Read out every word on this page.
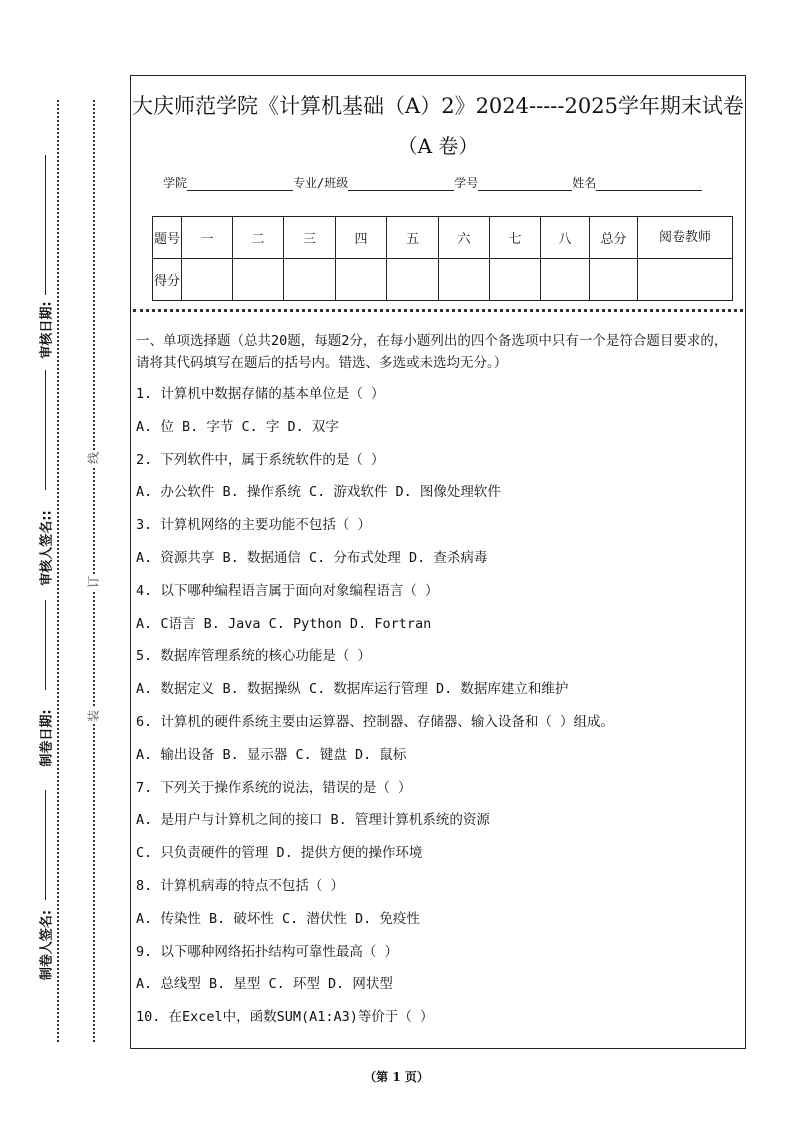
审核日期:
审核人签名::
制卷日期:
制卷人签名:
线
订
装
大庆师范学院《计算机基础（A）2》2024-----2025学年期末试卷
（A 卷）
学院	专业/班级	学号	姓名
题号	一	二	三	四	五	六	七	八	总分	阅卷教师
得分										
一、单项选择题（总共20题，每题2分，在每小题列出的四个备选项中只有一个是符合题目要求的，请将其代码填写在题后的括号内。错选、多选或未选均无分。）
1. 计算机中数据存储的基本单位是（ ）
A. 位 B. 字节 C. 字 D. 双字
2. 下列软件中，属于系统软件的是（ ）
A. 办公软件 B. 操作系统 C. 游戏软件 D. 图像处理软件
3. 计算机网络的主要功能不包括（ ）
A. 资源共享 B. 数据通信 C. 分布式处理 D. 查杀病毒
4. 以下哪种编程语言属于面向对象编程语言（ ）
A. C语言 B. Java C. Python D. Fortran
5. 数据库管理系统的核心功能是（ ）
A. 数据定义 B. 数据操纵 C. 数据库运行管理 D. 数据库建立和维护
6. 计算机的硬件系统主要由运算器、控制器、存储器、输入设备和（ ）组成。
A. 输出设备 B. 显示器 C. 键盘 D. 鼠标
7. 下列关于操作系统的说法，错误的是（ ）
A. 是用户与计算机之间的接口 B. 管理计算机系统的资源
C. 只负责硬件的管理 D. 提供方便的操作环境
8. 计算机病毒的特点不包括（ ）
A. 传染性 B. 破坏性 C. 潜伏性 D. 免疫性
9. 以下哪种网络拓扑结构可靠性最高（ ）
A. 总线型 B. 星型 C. 环型 D. 网状型
10. 在Excel中，函数SUM(A1:A3)等价于（ ）
（第 1 页）
